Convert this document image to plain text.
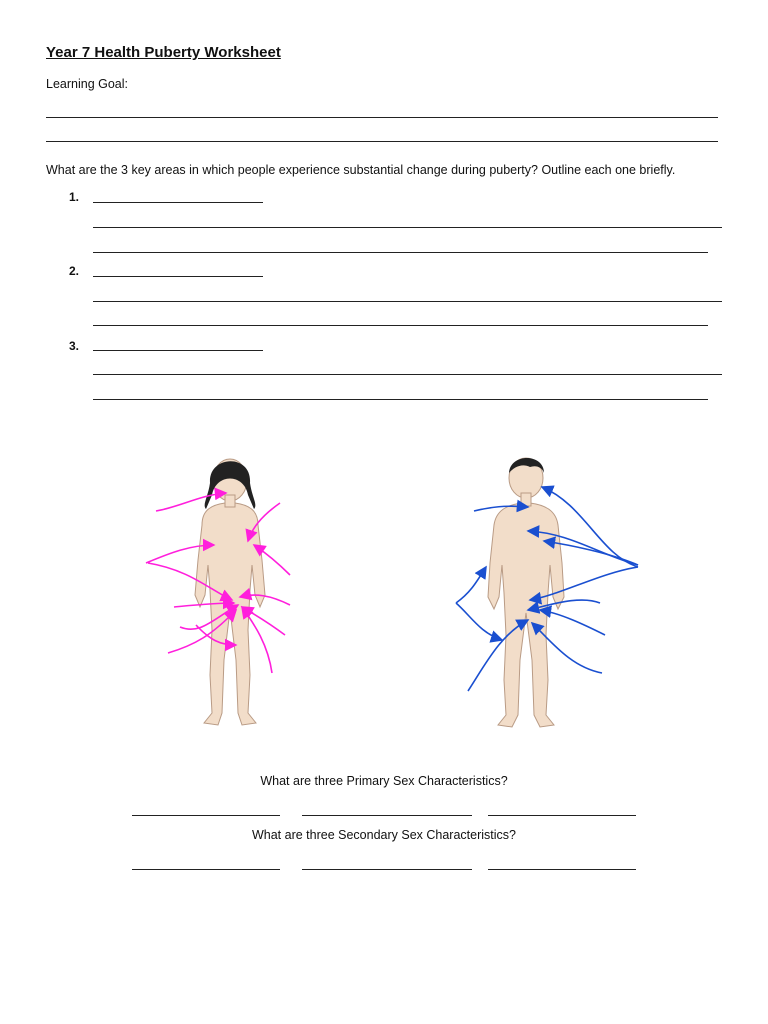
Year 7 Health Puberty Worksheet
Learning Goal:
What are the 3 key areas in which people experience substantial change during puberty? Outline each one briefly.
1.
2.
3.
What are three Primary Sex Characteristics?
What are three Secondary Sex Characteristics?
